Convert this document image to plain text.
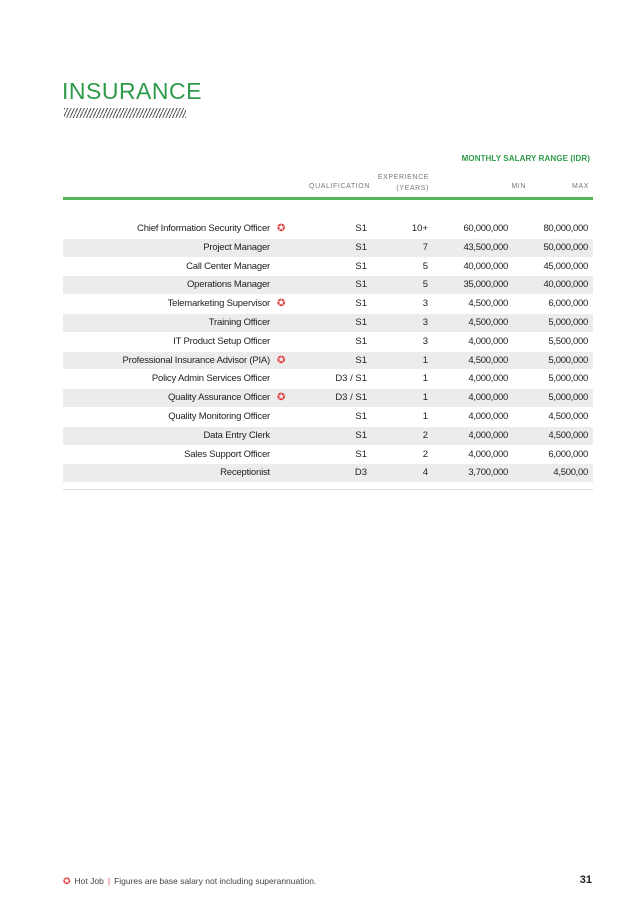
INSURANCE
MONTHLY SALARY RANGE (IDR)
QUALIFICATION
EXPERIENCE
(YEARS)	MIN	MAX
Chief Information Security Officer	S1	10+	60,000,000	80,000,000
✪
Project Manager	S1	7	43,500,000	50,000,000
Call Center Manager	S1	5	40,000,000	45,000,000
Operations Manager	S1	5	35,000,000	40,000,000
Telemarketing Supervisor	S1	3	4,500,000	6,000,000
✪
Training Officer	S1	3	4,500,000	5,000,000
IT Product Setup Officer	S1	3	4,000,000	5,500,000
Professional Insurance Advisor (PIA)	S1	1	4,500,000	5,000,000
✪
Policy Admin Services Officer	D3 / S1	1	4,000,000	5,000,000
Quality Assurance Officer	D3 / S1	1	4,000,000	5,000,000
✪
Quality Monitoring Officer	S1	1	4,000,000	4,500,000
Data Entry Clerk	S1	2	4,000,000	4,500,000
Sales Support Officer	S1	2	4,000,000	6,000,000
Receptionist	D3	4	3,700,000	4,500,00
✪ Hot Job | Figures are base salary not including superannuation.	31
